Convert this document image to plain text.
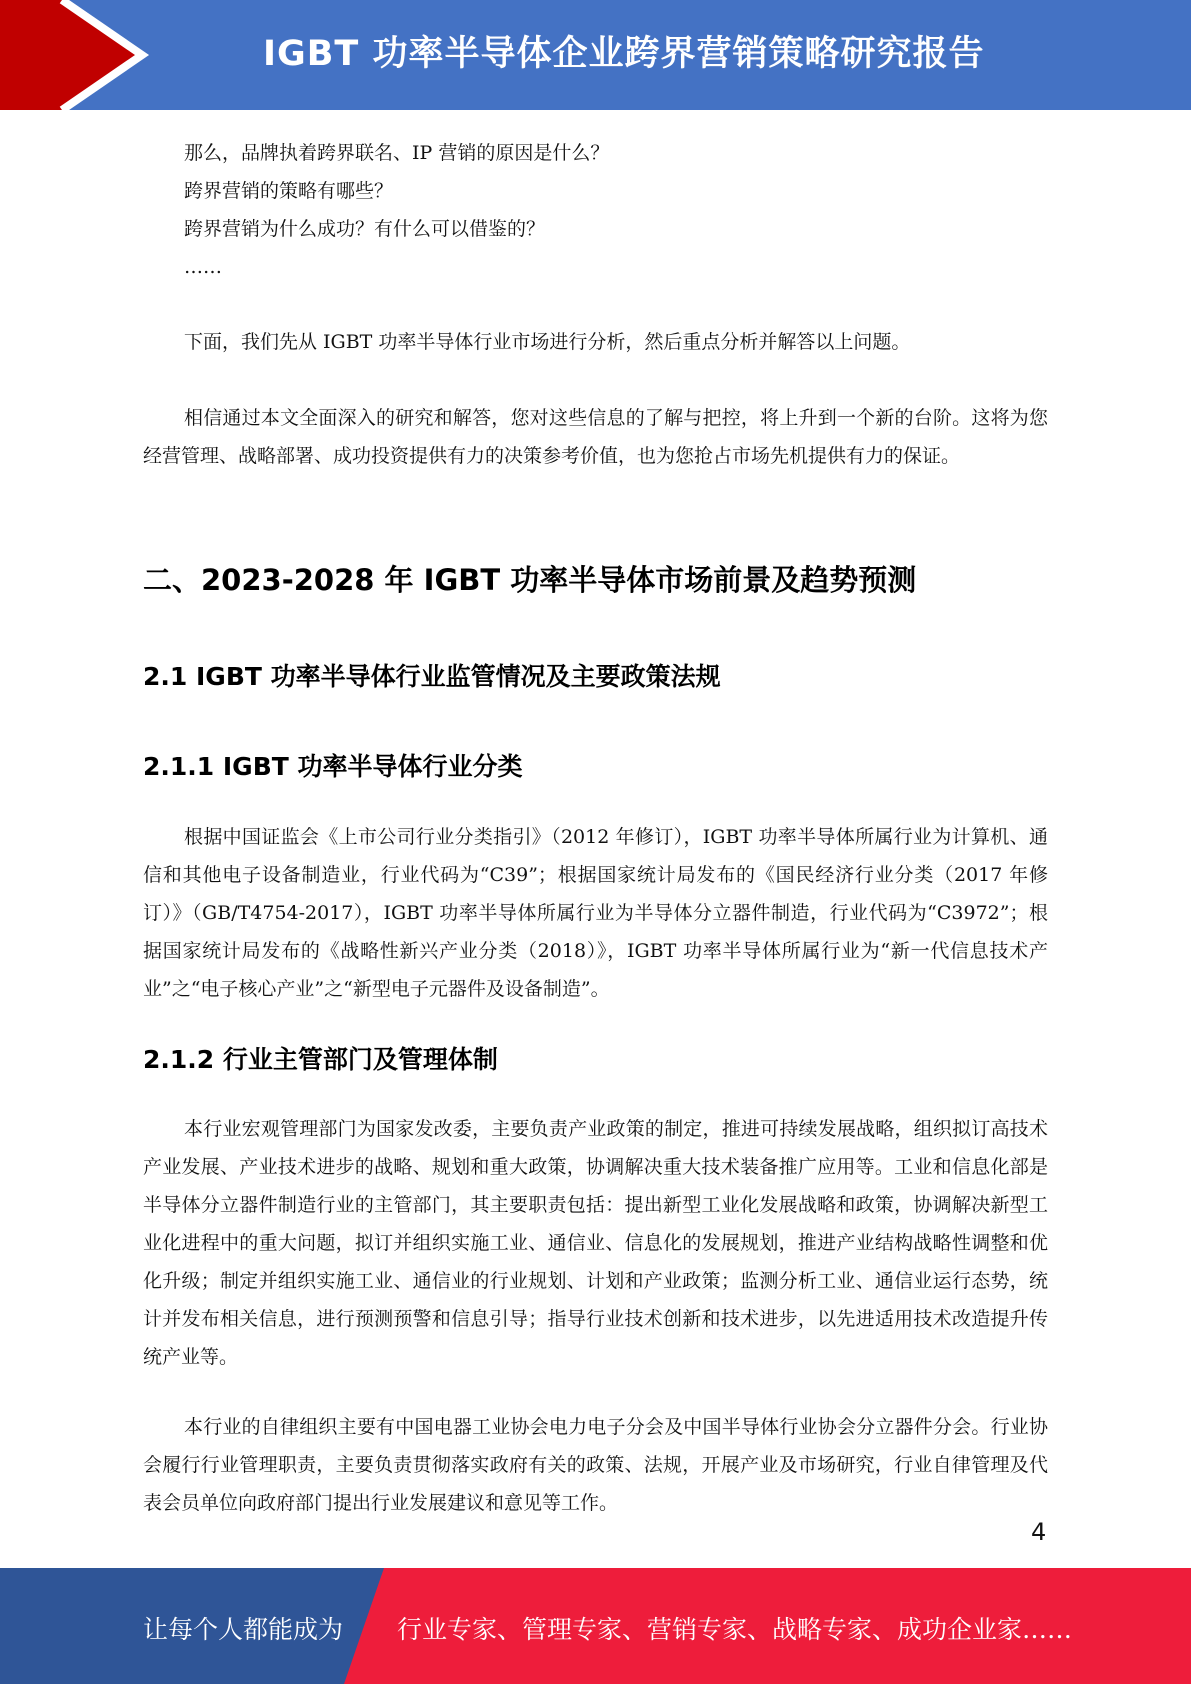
IGBT 功率半导体企业跨界营销策略研究报告

那么，品牌执着跨界联名、IP 营销的原因是什么？

跨界营销的策略有哪些？

跨界营销为什么成功？有什么可以借鉴的？

……

下面，我们先从 IGBT 功率半导体行业市场进行分析，然后重点分析并解答以上问题。

相信通过本文全面深入的研究和解答，您对这些信息的了解与把控，将上升到一个新的台阶。这将为您经营管理、战略部署、成功投资提供有力的决策参考价值，也为您抢占市场先机提供有力的保证。

二、2023-2028 年 IGBT 功率半导体市场前景及趋势预测
2.1 IGBT 功率半导体行业监管情况及主要政策法规
2.1.1 IGBT 功率半导体行业分类

根据中国证监会《上市公司行业分类指引》（2012 年修订），IGBT 功率半导体所属行业为计算机、通信和其他电子设备制造业，行业代码为“C39”；根据国家统计局发布的《国民经济行业分类（2017 年修订）》（GB/T4754-2017），IGBT 功率半导体所属行业为半导体分立器件制造，行业代码为“C3972”；根据国家统计局发布的《战略性新兴产业分类（2018）》，IGBT 功率半导体所属行业为“新一代信息技术产业”之“电子核心产业”之“新型电子元器件及设备制造”。

2.1.2 行业主管部门及管理体制

本行业宏观管理部门为国家发改委，主要负责产业政策的制定，推进可持续发展战略，组织拟订高技术产业发展、产业技术进步的战略、规划和重大政策，协调解决重大技术装备推广应用等。工业和信息化部是半导体分立器件制造行业的主管部门，其主要职责包括：提出新型工业化发展战略和政策，协调解决新型工业化进程中的重大问题，拟订并组织实施工业、通信业、信息化的发展规划，推进产业结构战略性调整和优化升级；制定并组织实施工业、通信业的行业规划、计划和产业政策；监测分析工业、通信业运行态势，统计并发布相关信息，进行预测预警和信息引导；指导行业技术创新和技术进步，以先进适用技术改造提升传统产业等。

本行业的自律组织主要有中国电器工业协会电力电子分会及中国半导体行业协会分立器件分会。行业协会履行行业管理职责，主要负责贯彻落实政府有关的政策、法规，开展产业及市场研究，行业自律管理及代表会员单位向政府部门提出行业发展建议和意见等工作。

4
让每个人都能成为 行业专家、管理专家、营销专家、战略专家、成功企业家……
